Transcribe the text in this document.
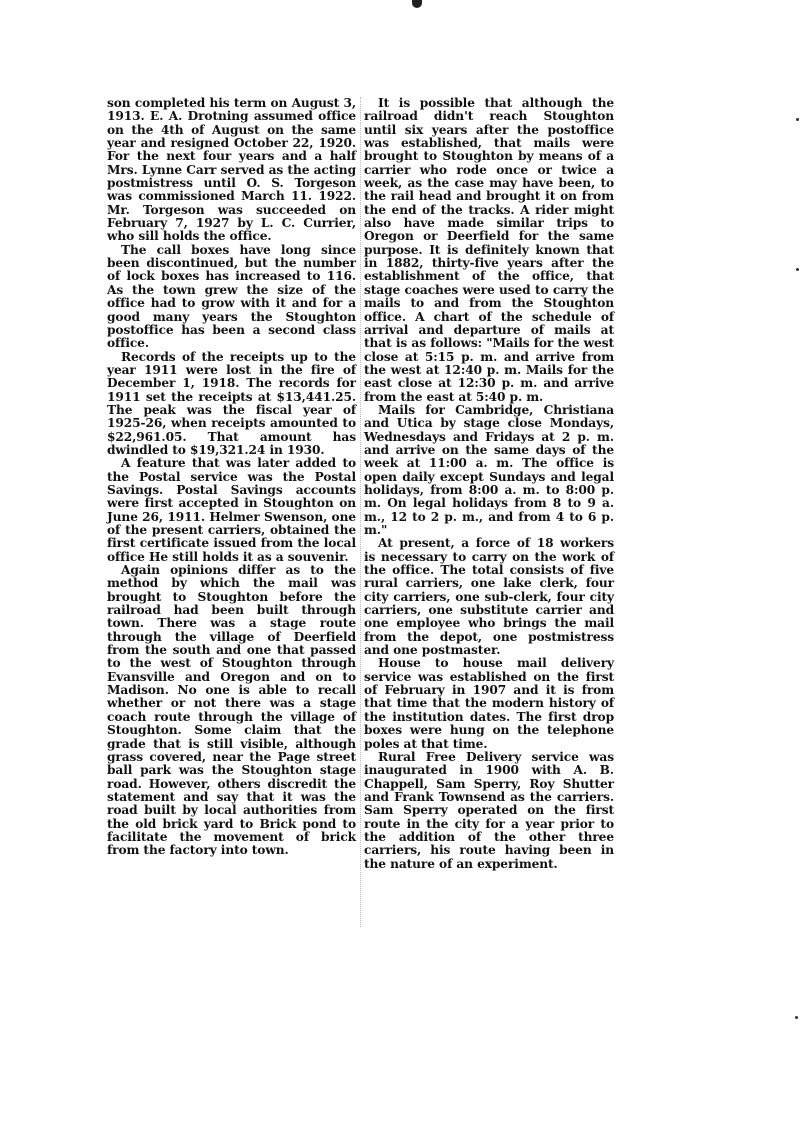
son completed his term on August 3, 1913. E. A. Drotning assumed office on the 4th of August on the same year and resigned October 22, 1920. For the next four years and a half Mrs. Lynne Carr served as the acting postmistress until O. S. Torgeson was commissioned March 11. 1922. Mr. Torgeson was succeeded on February 7, 1927 by L. C. Currier, who sill holds the office.

The call boxes have long since been discontinued, but the number of lock boxes has increased to 116. As the town grew the size of the office had to grow with it and for a good many years the Stoughton postoffice has been a second class office.

Records of the receipts up to the year 1911 were lost in the fire of December 1, 1918. The records for 1911 set the receipts at $13,441.25. The peak was the fiscal year of 1925-26, when receipts amounted to $22,961.05. That amount has dwindled to $19,321.24 in 1930.

A feature that was later added to the Postal service was the Postal Savings. Postal Savings accounts were first accepted in Stoughton on June 26, 1911. Helmer Swenson, one of the present carriers, obtained the first certificate issued from the local office He still holds it as a souvenir.

Again opinions differ as to the method by which the mail was brought to Stoughton before the railroad had been built through town. There was a stage route through the village of Deerfield from the south and one that passed to the west of Stoughton through Evansville and Oregon and on to Madison. No one is able to recall whether or not there was a stage coach route through the village of Stoughton. Some claim that the grade that is still visible, although grass covered, near the Page street ball park was the Stoughton stage road. However, others discredit the statement and say that it was the road built by local authorities from the old brick yard to Brick pond to facilitate the movement of brick from the factory into town.

It is possible that although the railroad didn't reach Stoughton until six years after the postoffice was established, that mails were brought to Stoughton by means of a carrier who rode once or twice a week, as the case may have been, to the rail head and brought it on from the end of the tracks. A rider might also have made similar trips to Oregon or Deerfield for the same purpose. It is definitely known that in 1882, thirty-five years after the establishment of the office, that stage coaches were used to carry the mails to and from the Stoughton office. A chart of the schedule of arrival and departure of mails at that is as follows: "Mails for the west close at 5:15 p. m. and arrive from the west at 12:40 p. m. Mails for the east close at 12:30 p. m. and arrive from the east at 5:40 p. m.

Mails for Cambridge, Christiana and Utica by stage close Mondays, Wednesdays and Fridays at 2 p. m. and arrive on the same days of the week at 11:00 a. m. The office is open daily except Sundays and legal holidays, from 8:00 a. m. to 8:00 p. m. On legal holidays from 8 to 9 a. m., 12 to 2 p. m., and from 4 to 6 p. m."

At present, a force of 18 workers is necessary to carry on the work of the office. The total consists of five rural carriers, one lake clerk, four city carriers, one sub-clerk, four city carriers, one substitute carrier and one employee who brings the mail from the depot, one postmistress and one postmaster.

House to house mail delivery service was established on the first of February in 1907 and it is from that time that the modern history of the institution dates. The first drop boxes were hung on the telephone poles at that time.

Rural Free Delivery service was inaugurated in 1900 with A. B. Chappell, Sam Sperry, Roy Shutter and Frank Townsend as the carriers. Sam Sperry operated on the first route in the city for a year prior to the addition of the other three carriers, his route having been in the nature of an experiment.
